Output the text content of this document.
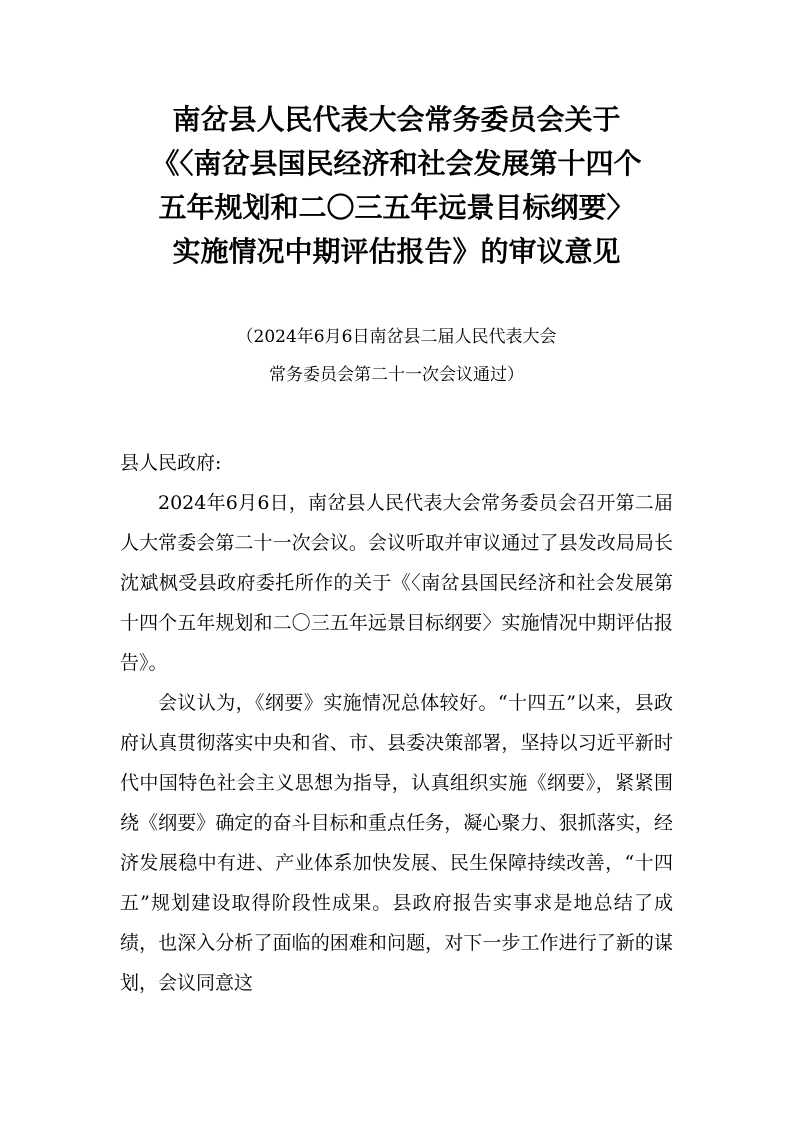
南岔县人民代表大会常务委员会关于
《〈南岔县国民经济和社会发展第十四个
五年规划和二〇三五年远景目标纲要〉
实施情况中期评估报告》的审议意见
（2024年6月6日南岔县二届人民代表大会
常务委员会第二十一次会议通过）
县人民政府:

2024年6月6日，南岔县人民代表大会常务委员会召开第二届人大常委会第二十一次会议。会议听取并审议通过了县发改局局长沈斌枫受县政府委托所作的关于《〈南岔县国民经济和社会发展第十四个五年规划和二〇三五年远景目标纲要〉实施情况中期评估报告》。

会议认为，《纲要》实施情况总体较好。“十四五”以来，县政府认真贯彻落实中央和省、市、县委决策部署，坚持以习近平新时代中国特色社会主义思想为指导，认真组织实施《纲要》，紧紧围绕《纲要》确定的奋斗目标和重点任务，凝心聚力、狠抓落实，经济发展稳中有进、产业体系加快发展、民生保障持续改善，“十四五”规划建设取得阶段性成果。县政府报告实事求是地总结了成绩，也深入分析了面临的困难和问题，对下一步工作进行了新的谋划，会议同意这
